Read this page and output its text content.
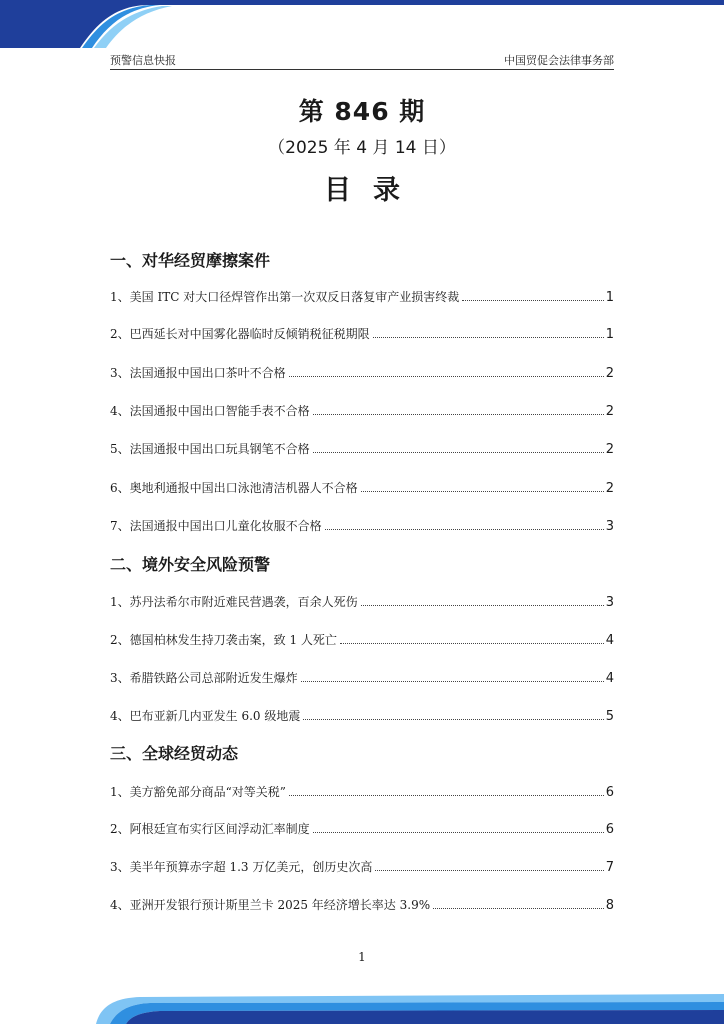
预警信息快报	中国贸促会法律事务部
第 846 期
（2025 年 4 月 14 日）
目录
一、对华经贸摩擦案件
1、美国 ITC 对大口径焊管作出第一次双反日落复审产业损害终裁	1
2、巴西延长对中国雾化器临时反倾销税征税期限	1
3、法国通报中国出口茶叶不合格	2
4、法国通报中国出口智能手表不合格	2
5、法国通报中国出口玩具钢笔不合格	2
6、奥地利通报中国出口泳池清洁机器人不合格	2
7、法国通报中国出口儿童化妆服不合格	3
二、境外安全风险预警
1、苏丹法希尔市附近难民营遇袭，百余人死伤	3
2、德国柏林发生持刀袭击案，致 1 人死亡	4
3、希腊铁路公司总部附近发生爆炸	4
4、巴布亚新几内亚发生 6.0 级地震	5
三、全球经贸动态
1、美方豁免部分商品“对等关税”	6
2、阿根廷宣布实行区间浮动汇率制度	6
3、美半年预算赤字超 1.3 万亿美元，创历史次高	7
4、亚洲开发银行预计斯里兰卡 2025 年经济增长率达 3.9%	8
1
